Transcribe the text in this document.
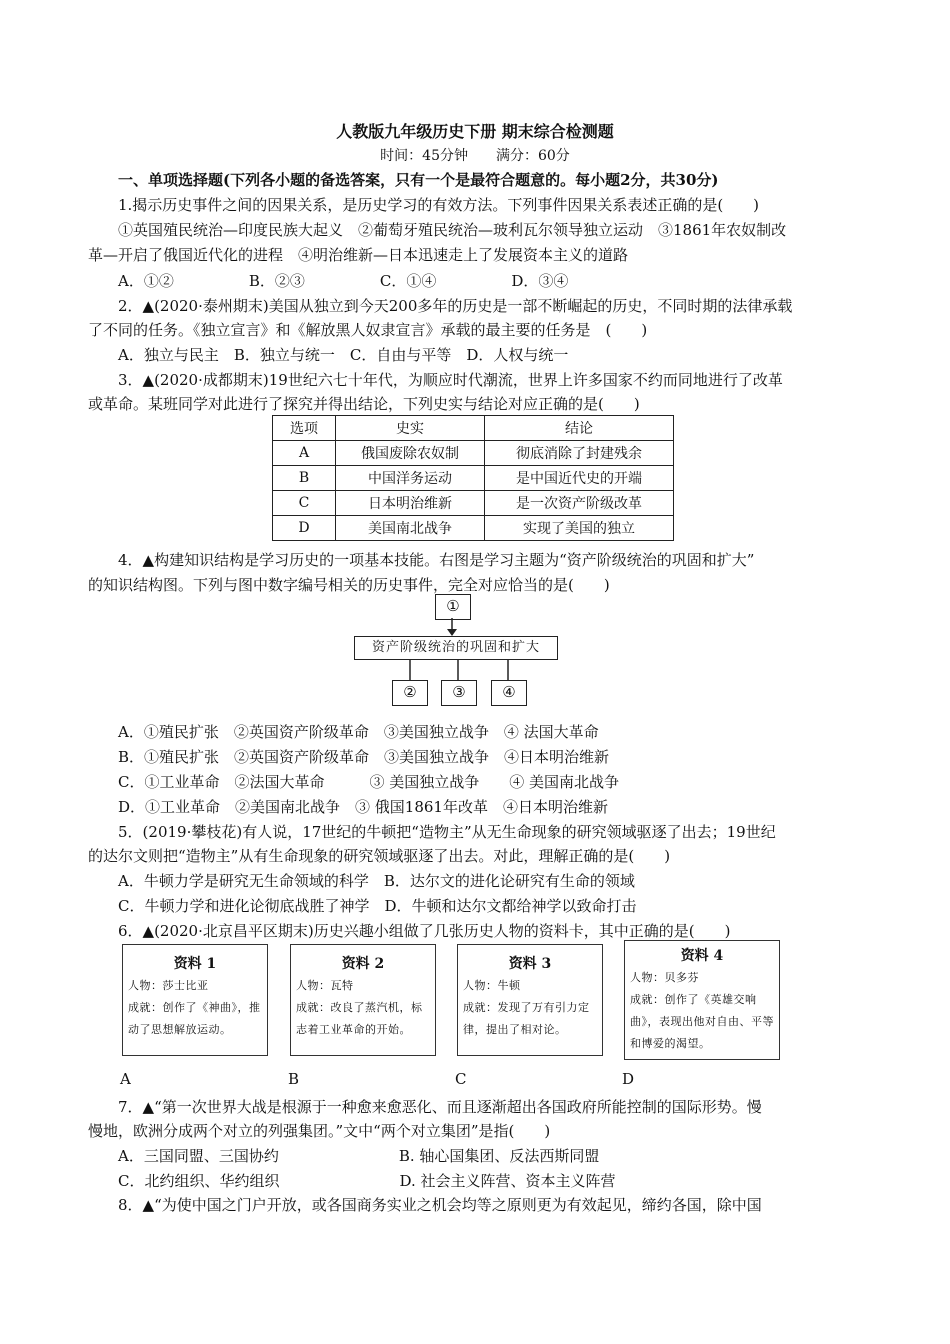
人教版九年级历史下册 期末综合检测题
时间：45分钟　　满分：60分
一、单项选择题(下列各小题的备选答案，只有一个是最符合题意的。每小题2分，共30分)
1.揭示历史事件之间的因果关系，是历史学习的有效方法。下列事件因果关系表述正确的是(　　)
①英国殖民统治—印度民族大起义　②葡萄牙殖民统治—玻利瓦尔领导独立运动　③1861年农奴制改
革—开启了俄国近代化的进程　④明治维新—日本迅速走上了发展资本主义的道路
A．①②　　　　　B．②③　　　　　C．①④　　　　　D．③④
2．▲(2020·泰州期末)美国从独立到今天200多年的历史是一部不断崛起的历史，不同时期的法律承载
了不同的任务。《独立宣言》和《解放黑人奴隶宣言》承载的最主要的任务是　(　　)
A．独立与民主　B．独立与统一　C．自由与平等　D．人权与统一
3．▲(2020·成都期末)19世纪六七十年代，为顺应时代潮流，世界上许多国家不约而同地进行了改革
或革命。某班同学对此进行了探究并得出结论，下列史实与结论对应正确的是(　　)
选项	史实	结论
A	俄国废除农奴制	彻底消除了封建残余
B	中国洋务运动	是中国近代史的开端
C	日本明治维新	是一次资产阶级改革
D	美国南北战争	实现了美国的独立
4．▲构建知识结构是学习历史的一项基本技能。右图是学习主题为“资产阶级统治的巩固和扩大”
的知识结构图。下列与图中数字编号相关的历史事件，完全对应恰当的是(　　)
①
资产阶级统治的巩固和扩大
②	③	④
A．①殖民扩张　②英国资产阶级革命　③美国独立战争　④ 法国大革命
B．①殖民扩张　②英国资产阶级革命　③美国独立战争　④日本明治维新
C．①工业革命　②法国大革命　　　③ 美国独立战争　　④ 美国南北战争
D．①工业革命　②美国南北战争　③ 俄国1861年改革　④日本明治维新
5．(2019·攀枝花)有人说，17世纪的牛顿把“造物主”从无生命现象的研究领域驱逐了出去；19世纪
的达尔文则把“造物主”从有生命现象的研究领域驱逐了出去。对此，理解正确的是(　　)
A．牛顿力学是研究无生命领域的科学　B．达尔文的进化论研究有生命的领域
C．牛顿力学和进化论彻底战胜了神学　D．牛顿和达尔文都给神学以致命打击
6．▲(2020·北京昌平区期末)历史兴趣小组做了几张历史人物的资料卡，其中正确的是(　　)
资料 1
人物：莎士比亚
成就：创作了《神曲》，推动了思想解放运动。
资料 2
人物：瓦特
成就：改良了蒸汽机，标志着工业革命的开始。
资料 3
人物：牛顿
成就：发现了万有引力定律，提出了相对论。
资料 4
人物：贝多芬
成就：创作了《英雄交响曲》，表现出他对自由、平等和博爱的渴望。
A	B	C	D
7．▲“第一次世界大战是根源于一种愈来愈恶化、而且逐渐超出各国政府所能控制的国际形势。慢
慢地，欧洲分成两个对立的列强集团。”文中“两个对立集团”是指(　　)
A．三国同盟、三国协约　　　　　　　　B. 轴心国集团、反法西斯同盟
C．北约组织、华约组织　　　　　　　　D. 社会主义阵营、资本主义阵营
8．▲“为使中国之门户开放，或各国商务实业之机会均等之原则更为有效起见，缔约各国，除中国
